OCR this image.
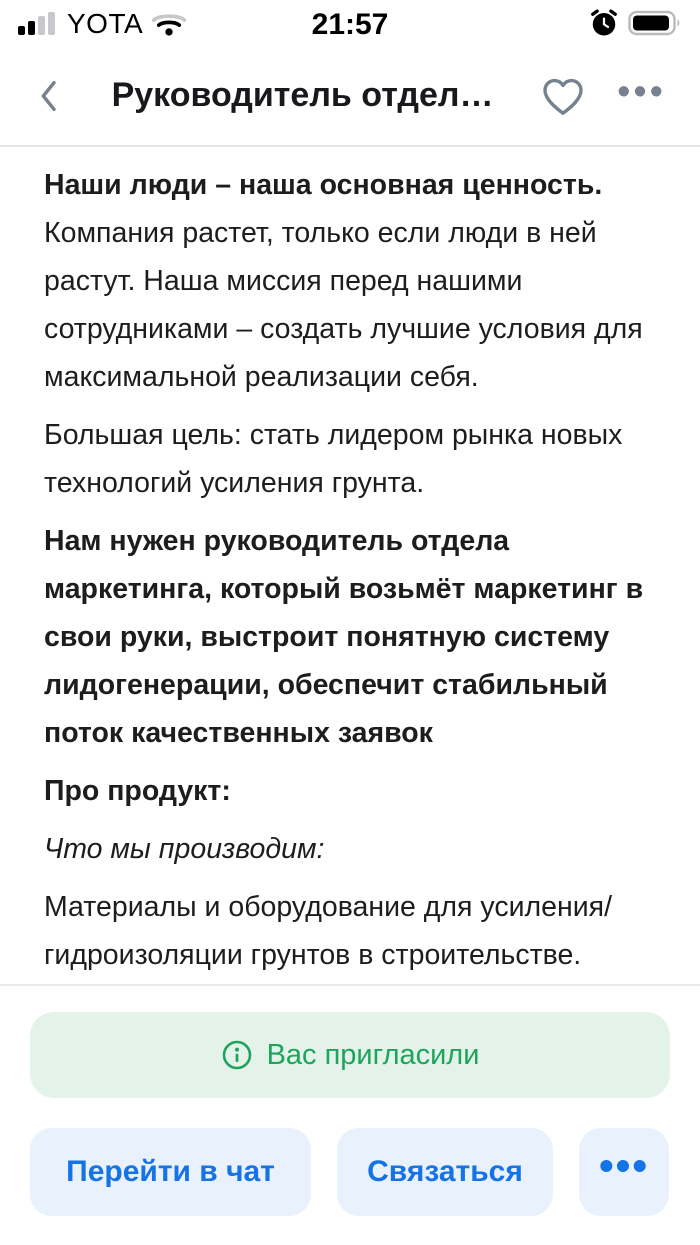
YOTA	21:57
Руководитель отдел…	•••

Наши люди – наша основная ценность.

Компания растет, только если люди в ней растут. Наша миссия перед нашими сотрудниками – создать лучшие условия для максимальной реализации себя.

Большая цель: стать лидером рынка новых технологий усиления грунта.

Нам нужен руководитель отдела маркетинга, который возьмёт маркетинг в свои руки, выстроит понятную систему лидогенерации, обеспечит стабильный поток качественных заявок

Про продукт:

Что мы производим:

Материалы и оборудование для усиления/​гидроизоляции грунтов в строительстве.

Вас пригласили
Перейти в чат	Связаться	•••
